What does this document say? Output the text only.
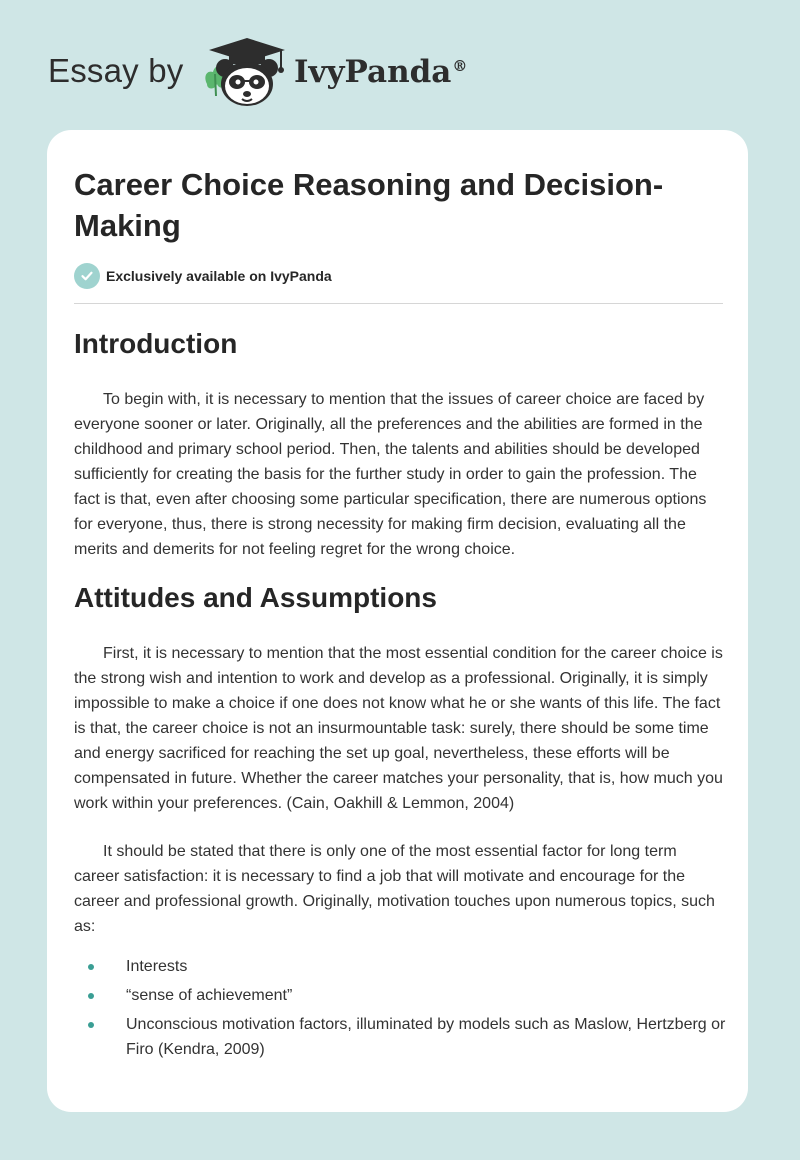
Essay by	IvyPanda®
Career Choice Reasoning and Decision-Making
Exclusively available on IvyPanda
Introduction

To begin with, it is necessary to mention that the issues of career choice are faced by everyone sooner or later. Originally, all the preferences and the abilities are formed in the childhood and primary school period. Then, the talents and abilities should be developed sufficiently for creating the basis for the further study in order to gain the profession. The fact is that, even after choosing some particular specification, there are numerous options for everyone, thus, there is strong necessity for making firm decision, evaluating all the merits and demerits for not feeling regret for the wrong choice.

Attitudes and Assumptions

First, it is necessary to mention that the most essential condition for the career choice is the strong wish and intention to work and develop as a professional. Originally, it is simply impossible to make a choice if one does not know what he or she wants of this life. The fact is that, the career choice is not an insurmountable task: surely, there should be some time and energy sacrificed for reaching the set up goal, nevertheless, these efforts will be compensated in future. Whether the career matches your personality, that is, how much you work within your preferences. (Cain, Oakhill & Lemmon, 2004)

It should be stated that there is only one of the most essential factor for long term career satisfaction: it is necessary to find a job that will motivate and encourage for the career and professional growth. Originally, motivation touches upon numerous topics, such as:

Interests
“sense of achievement”
Unconscious motivation factors, illuminated by models such as Maslow, Hertzberg or Firo (Kendra, 2009)
